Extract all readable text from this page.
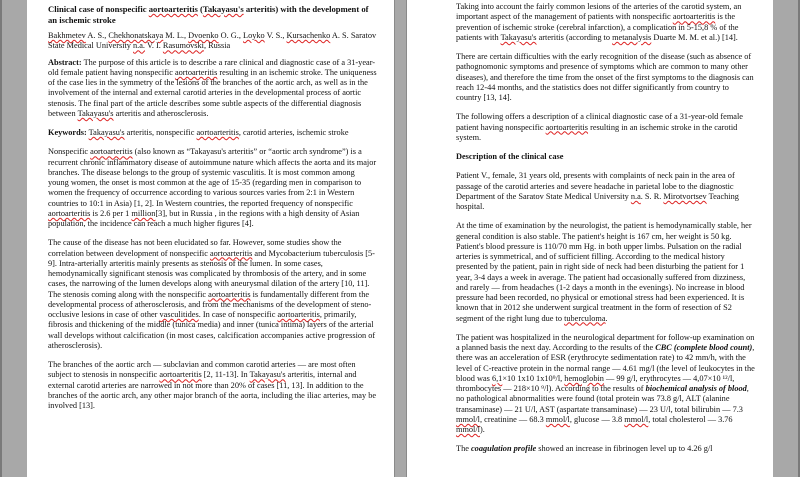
Clinical case of nonspecific aortoarteritis (Takayasu's arteritis) with the development of an ischemic stroke

Bakhmetev A. S., Chekhonatskaya M. L., Dvoenko O. G., Loyko V. S., Kursachenko A. S. Saratov State Medical University n.a. V. I. Rasumovski, Russia

Abstract: The purpose of this article is to describe a rare clinical and diagnostic case of a 31-year-old female patient having nonspecific aortoarteritis resulting in an ischemic stroke. The uniqueness of the case lies in the symmetry of the lesions of the branches of the aortic arch, as well as in the involvement of the internal and external carotid arteries in the developmental process of aortic stenosis. The final part of the article describes some subtle aspects of the differential diagnosis between Takayasu's arteritis and atherosclerosis.

Keywords: Takayasu's arteritis, nonspecific aortoarteritis, carotid arteries, ischemic stroke

Nonspecific aortoarteritis (also known as “Takayasu's arteritis” or “aortic arch syndrome”) is a recurrent chronic inflammatory disease of autoimmune nature which affects the aorta and its major branches. The disease belongs to the group of systemic vasculitis. It is most common among young women, the onset is most common at the age of 15-35 (regarding men in comparison to women the frequency of occurrence according to various sources varies from 2:1 in Western countries to 10:1 in Asia) [1, 2]. In Western countries, the reported frequency of nonspecific aortoarteritis is 2.6 per 1 million[3], but in Russia , in the regions with a high density of Asian population, the incidence can reach a much higher figures [4].

The cause of the disease has not been elucidated so far. However, some studies show the correlation between development of nonspecific aortoarteritis and Mycobacterium tuberculosis [5-9]. Intra-arterially arteritis mainly presents as stenosis of the lumen. In some cases, hemodynamically significant stenosis was complicated by thrombosis of the artery, and in some cases, the narrowing of the lumen develops along with aneurysmal dilation of the artery [10, 11]. The stenosis coming along with the nonspecific aortoarteritis is fundamentally different from the developmental process of atherosclerosis, and from the mechanisms of the development of steno-occlusive lesions in case of other vasculitides. In case of nonspecific aortoarteritis, primarily, fibrosis and thickening of the middle (tunica media) and inner (tunica intima) layers of the arterial wall develops without calcification (in most cases, calcification accompanies active progression of atherosclerosis).

The branches of the aortic arch — subclavian and common carotid arteries — are most often subject to stenosis in nonspecific aortoarteritis [2, 11-13]. In Takayasu's arteritis, internal and external carotid arteries are narrowed in not more than 20% of cases [11, 13]. In addition to the branches of the aortic arch, any other major branch of the aorta, including the iliac arteries, may be involved [13].

Taking into account the fairly common lesions of the arteries of the carotid system, an important aspect of the management of patients with nonspecific aortoarteritis is the prevention of ischemic stroke (cerebral infarction), a complication in 5-15,8 % of the patients with Takayasu's arteritis (according to metanalysis Duarte M. M. et al.) [14].

There are certain difficulties with the early recognition of the disease (such as absence of pathognomonic symptoms and presence of symptoms which are common to many other diseases), and therefore the time from the onset of the first symptoms to the diagnosis can reach 12-44 months, and the statistics does not differ significantly from country to country [13, 14].

The following offers a description of a clinical diagnostic case of a 31-year-old female patient having nonspecific aortoarteritis resulting in an ischemic stroke in the carotid system.

Description of the clinical case

Patient V., female, 31 years old, presents with complaints of neck pain in the area of passage of the carotid arteries and severe headache in parietal lobe to the diagnostic Department of the Saratov State Medical University n.a. S. R. Mirotvortsev Teaching hospital.

At the time of examination by the neurologist, the patient is hemodynamically stable, her general condition is also stable. The patient's height is 167 cm, her weight is 50 kg. Patient's blood pressure is 110/70 mm Hg. in both upper limbs. Pulsation on the radial arteries is symmetrical, and of sufficient filling. According to the medical history presented by the patient, pain in right side of neck had been disturbing the patient for 1 year, 3-4 days a week in average. The patient had occasionally suffered from dizziness, and rarely — from headaches (1-2 days a month in the evenings). No increase in blood pressure had been recorded, no physical or emotional stress had been experienced. It is known that in 2012 she underwent surgical treatment in the form of resection of S2 segment of the right lung due to tuberculoma.

The patient was hospitalized in the neurological department for follow-up examination on a planned basis the next day. According to the results of the CBC (complete blood count), there was an acceleration of ESR (erythrocyte sedimentation rate) to 42 mm/h, with the level of C-reactive protein in the normal range — 4.61 mg/l (the level of leukocytes in the blood was 6,1×10 1x10 1x10⁹/l, hemoglobin — 99 g/l, erythrocytes — 4,07×10 ¹²/l, thrombocytes — 218×10 ⁹/l). According to the results of biochemical analysis of blood, no pathological abnormalities were found (total protein was 73.8 g/l, ALT (alanine transaminase) — 21 U/l, AST (aspartate transaminase) — 23 U/l, total bilirubin — 7.3 mmol/l, creatinine — 68.3 mmol/l, glucose — 3.8 mmol/l, total cholesterol — 3.76 mmol/l).

The coagulation profile showed an increase in fibrinogen level up to 4.26 g/l
